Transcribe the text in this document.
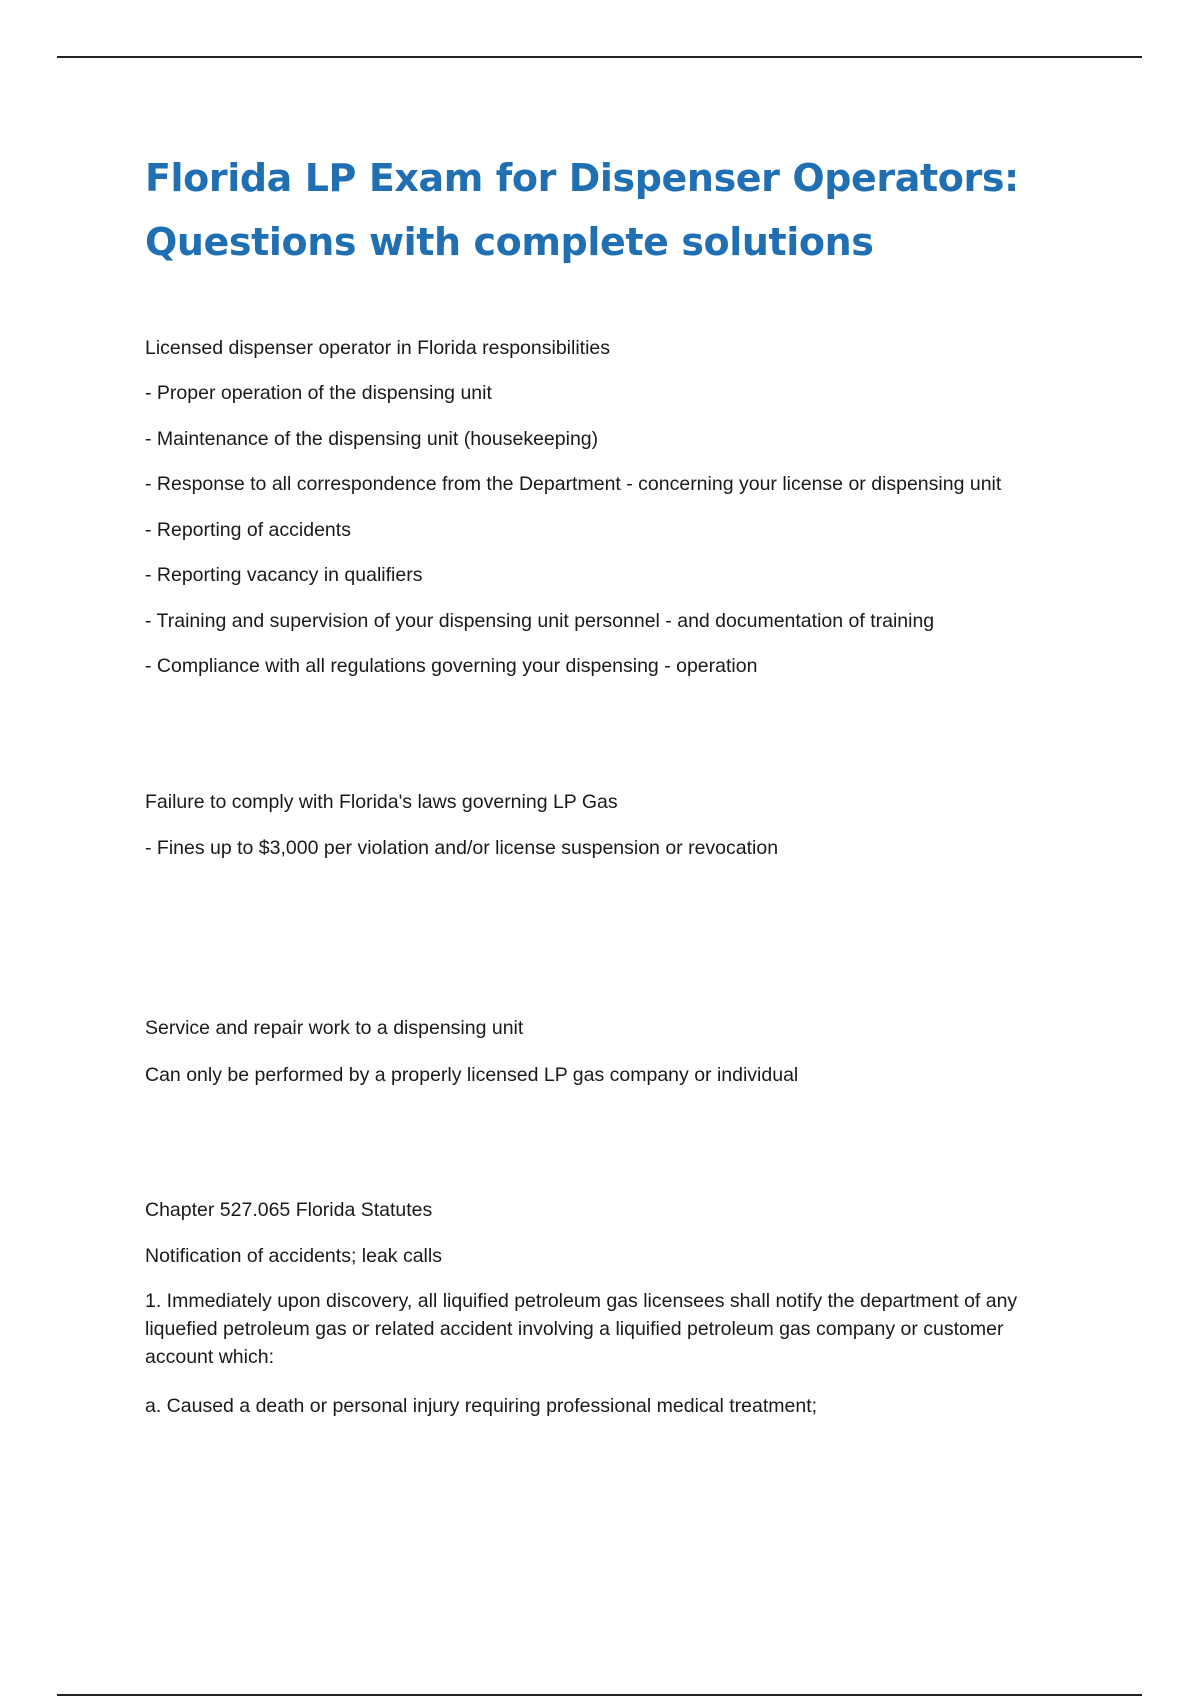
Florida LP Exam for Dispenser Operators:
Questions with complete solutions

Licensed dispenser operator in Florida responsibilities

- Proper operation of the dispensing unit

- Maintenance of the dispensing unit (housekeeping)

- Response to all correspondence from the Department - concerning your license or dispensing unit

- Reporting of accidents

- Reporting vacancy in qualifiers

- Training and supervision of your dispensing unit personnel - and documentation of training

- Compliance with all regulations governing your dispensing - operation

Failure to comply with Florida's laws governing LP Gas

- Fines up to $3,000 per violation and/or license suspension or revocation

Service and repair work to a dispensing unit

Can only be performed by a properly licensed LP gas company or individual

Chapter 527.065 Florida Statutes

Notification of accidents; leak calls

1. Immediately upon discovery, all liquified petroleum gas licensees shall notify the department of any liquefied petroleum gas or related accident involving a liquified petroleum gas company or customer account which:

a. Caused a death or personal injury requiring professional medical treatment;
